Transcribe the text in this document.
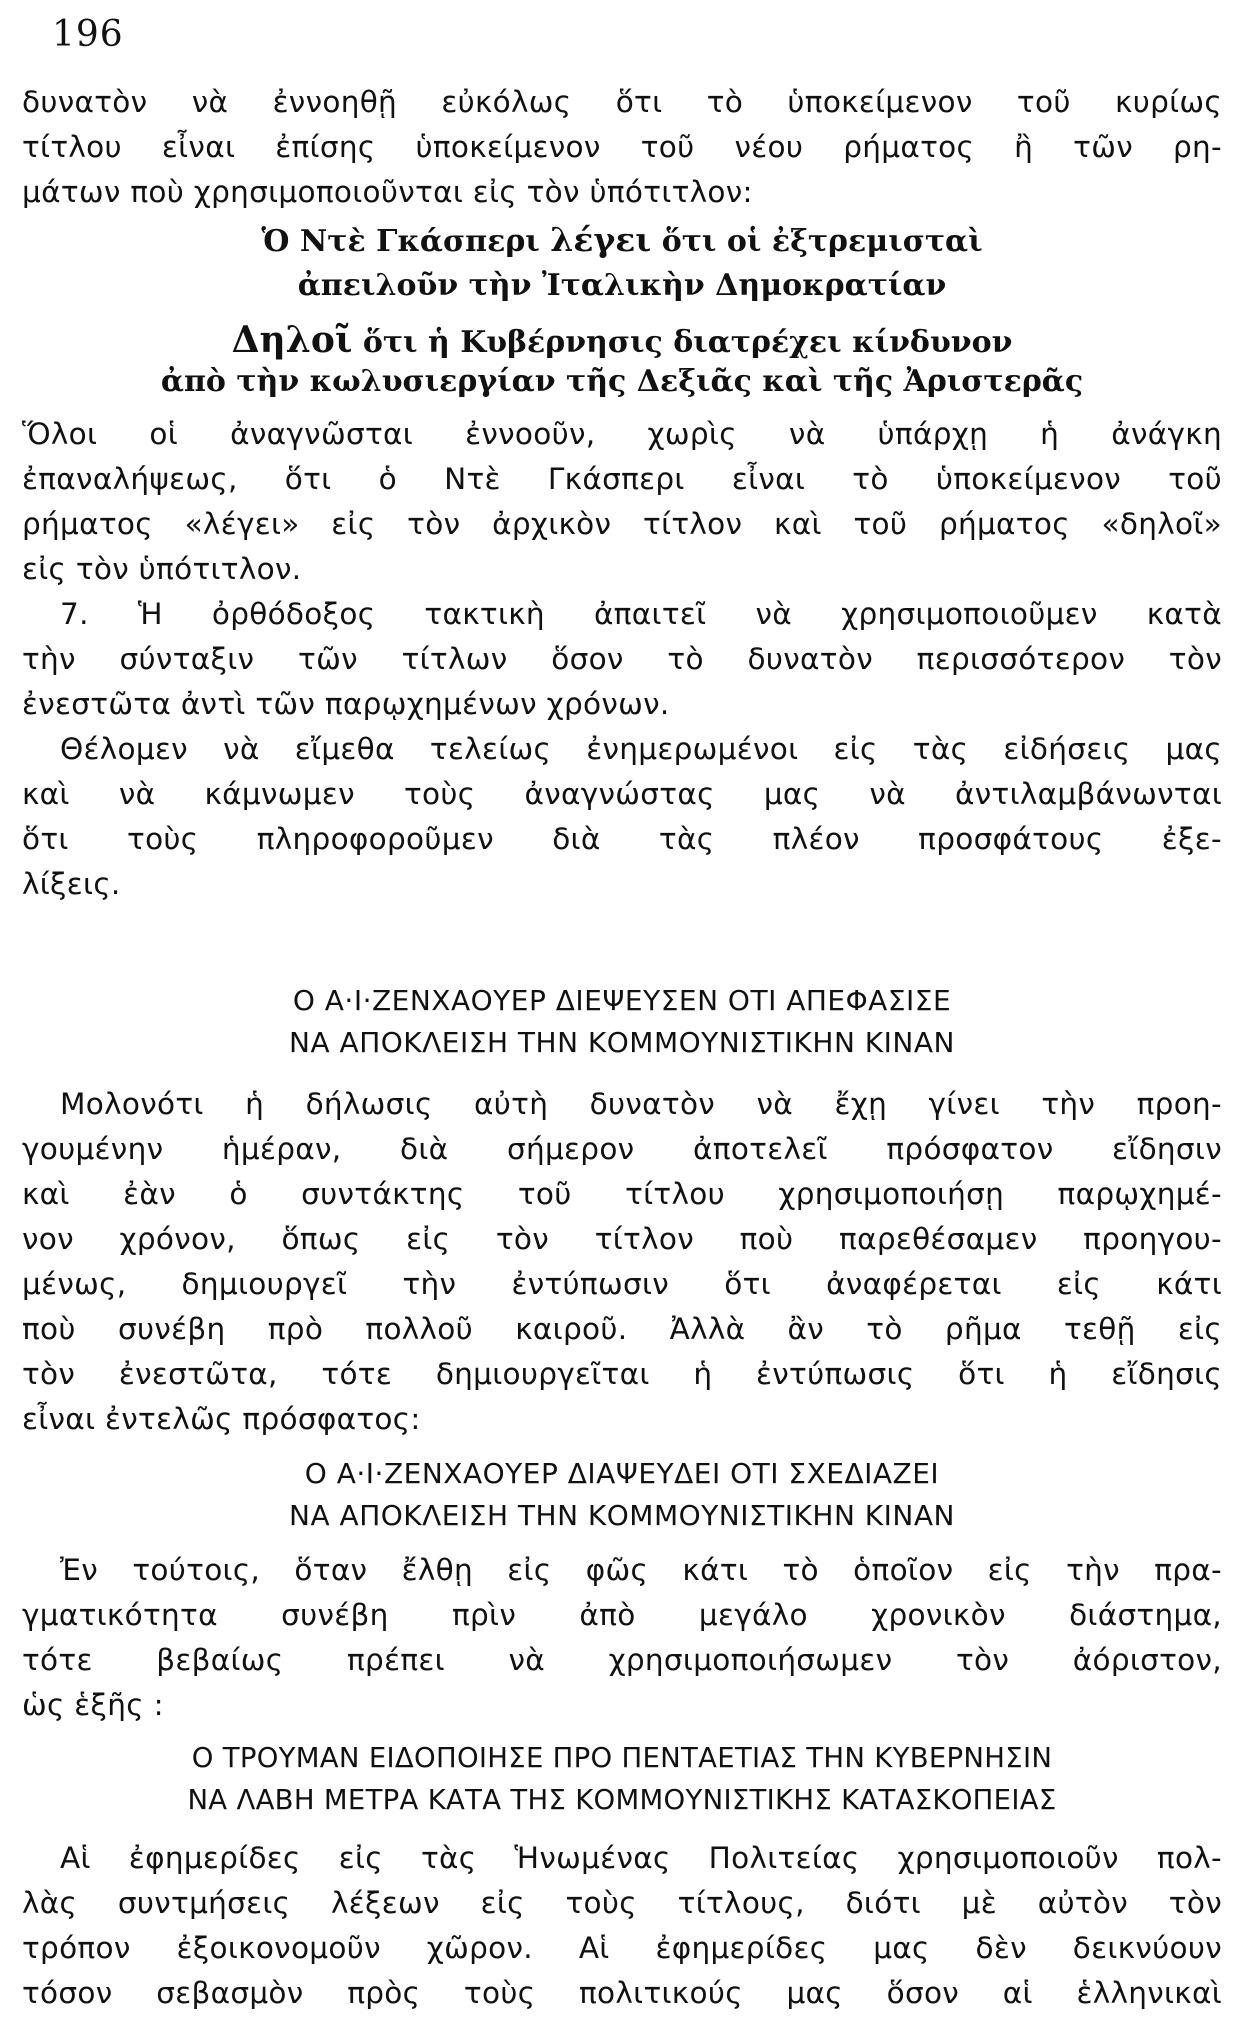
196
δυνατὸν νὰ ἐννοηθῇ εὐκόλως ὅτι τὸ ὑποκείμενον τοῦ κυρίως
τίτλου εἶναι ἐπίσης ὑποκείμενον τοῦ νέου ρήματος ἢ τῶν ρη-
μάτων ποὺ χρησιμοποιοῦνται εἰς τὸν ὑπότιτλον:
Ὁ Ντὲ Γκάσπερι λέγει ὅτι οἱ ἐξτρεμισταὶ
ἀπειλοῦν τὴν Ἰταλικὴν Δημοκρατίαν
Δηλοῖ ὅτι ἡ Κυβέρνησις διατρέχει κίνδυνον
ἀπὸ τὴν κωλυσιεργίαν τῆς Δεξιᾶς καὶ τῆς Ἀριστερᾶς
Ὅλοι οἱ ἀναγνῶσται ἐννοοῦν, χωρὶς νὰ ὑπάρχῃ ἡ ἀνάγκη
ἐπαναλήψεως, ὅτι ὁ Ντὲ Γκάσπερι εἶναι τὸ ὑποκείμενον τοῦ
ρήματος «λέγει» εἰς τὸν ἀρχικὸν τίτλον καὶ τοῦ ρήματος «δηλοῖ»
εἰς τὸν ὑπότιτλον.
7. Ἡ ὀρθόδοξος τακτικὴ ἀπαιτεῖ νὰ χρησιμοποιοῦμεν κατὰ
τὴν σύνταξιν τῶν τίτλων ὅσον τὸ δυνατὸν περισσότερον τὸν
ἐνεστῶτα ἀντὶ τῶν παρῳχημένων χρόνων.
Θέλομεν νὰ εἴμεθα τελείως ἐνημερωμένοι εἰς τὰς εἰδήσεις μας
καὶ νὰ κάμνωμεν τοὺς ἀναγνώστας μας νὰ ἀντιλαμβάνωνται
ὅτι τοὺς πληροφοροῦμεν διὰ τὰς πλέον προσφάτους ἐξε-
λίξεις.
Ο Α·Ι·ΖΕΝΧΑΟΥΕΡ ΔΙΕΨΕΥΣΕΝ ΟΤΙ ΑΠΕΦΑΣΙΣΕ
ΝΑ ΑΠΟΚΛΕΙΣΗ ΤΗΝ ΚΟΜΜΟΥΝΙΣΤΙΚΗΝ ΚΙΝΑΝ
Μολονότι ἡ δήλωσις αὐτὴ δυνατὸν νὰ ἔχῃ γίνει τὴν προη-
γουμένην ἡμέραν, διὰ σήμερον ἀποτελεῖ πρόσφατον εἴδησιν
καὶ ἐὰν ὁ συντάκτης τοῦ τίτλου χρησιμοποιήσῃ παρῳχημέ-
νον χρόνον, ὅπως εἰς τὸν τίτλον ποὺ παρεθέσαμεν προηγου-
μένως, δημιουργεῖ τὴν ἐντύπωσιν ὅτι ἀναφέρεται εἰς κάτι
ποὺ συνέβη πρὸ πολλοῦ καιροῦ. Ἀλλὰ ἂν τὸ ρῆμα τεθῇ εἰς
τὸν ἐνεστῶτα, τότε δημιουργεῖται ἡ ἐντύπωσις ὅτι ἡ εἴδησις
εἶναι ἐντελῶς πρόσφατος:
Ο Α·Ι·ΖΕΝΧΑΟΥΕΡ ΔΙΑΨΕΥΔΕΙ ΟΤΙ ΣΧΕΔΙΑΖΕΙ
ΝΑ ΑΠΟΚΛΕΙΣΗ ΤΗΝ ΚΟΜΜΟΥΝΙΣΤΙΚΗΝ ΚΙΝΑΝ
Ἐν τούτοις, ὅταν ἔλθῃ εἰς φῶς κάτι τὸ ὁποῖον εἰς τὴν πρα-
γματικότητα συνέβη πρὶν ἀπὸ μεγάλο χρονικὸν διάστημα,
τότε βεβαίως πρέπει νὰ χρησιμοποιήσωμεν τὸν ἀόριστον,
ὡς ἑξῆς :
Ο ΤΡΟΥΜΑΝ ΕΙΔΟΠΟΙΗΣΕ ΠΡΟ ΠΕΝΤΑΕΤΙΑΣ ΤΗΝ ΚΥΒΕΡΝΗΣΙΝ
ΝΑ ΛΑΒΗ ΜΕΤΡΑ ΚΑΤΑ ΤΗΣ ΚΟΜΜΟΥΝΙΣΤΙΚΗΣ ΚΑΤΑΣΚΟΠΕΙΑΣ
Αἱ ἐφημερίδες εἰς τὰς Ἡνωμένας Πολιτείας χρησιμοποιοῦν πολ-
λὰς συντμήσεις λέξεων εἰς τοὺς τίτλους, διότι μὲ αὐτὸν τὸν
τρόπον ἐξοικονομοῦν χῶρον. Αἱ ἐφημερίδες μας δὲν δεικνύουν
τόσον σεβασμὸν πρὸς τοὺς πολιτικούς μας ὅσον αἱ ἑλληνικαὶ
